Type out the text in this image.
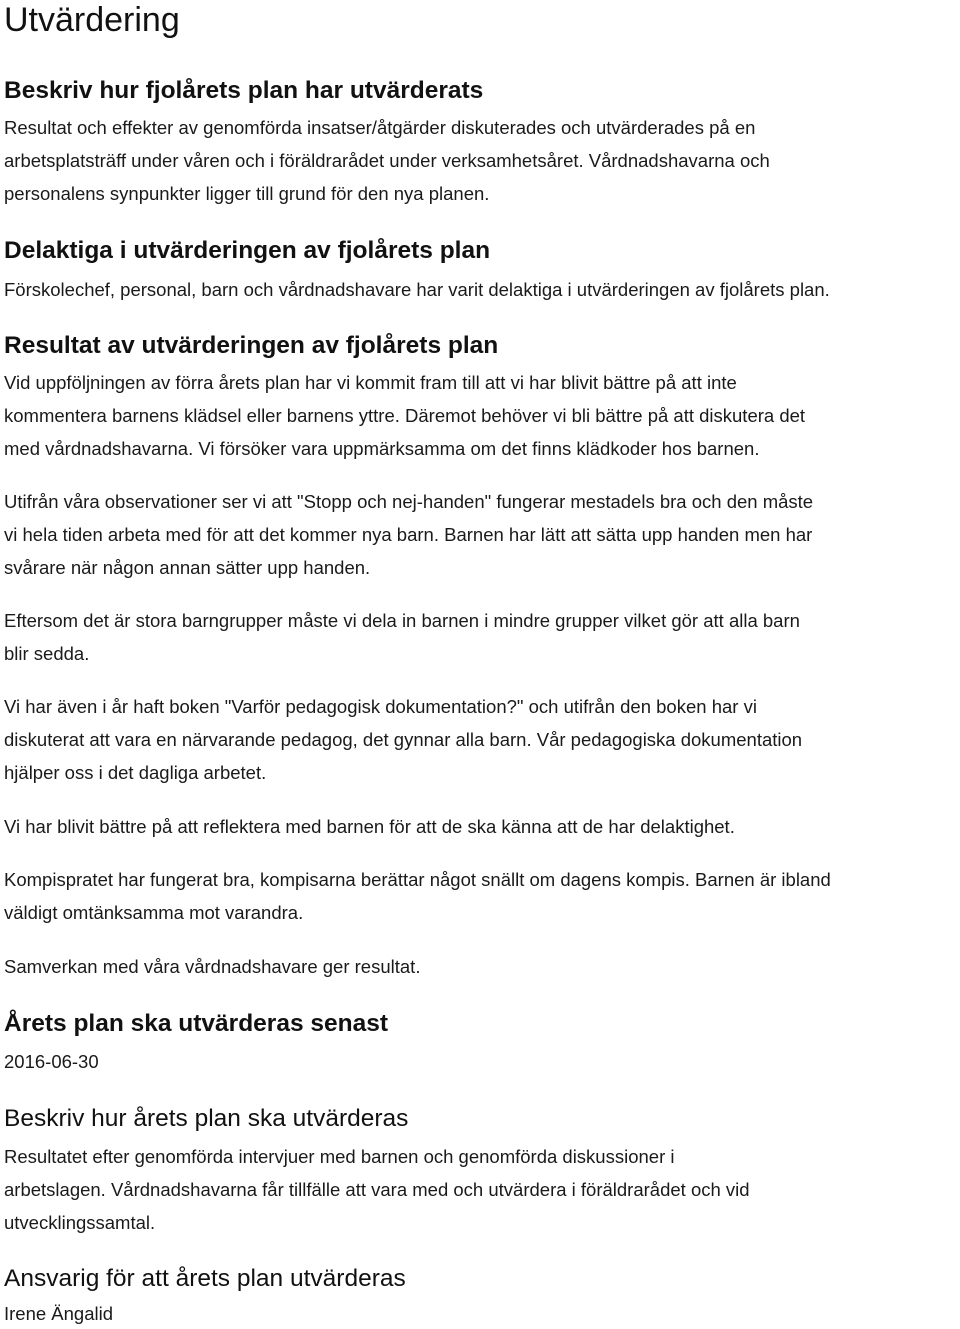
Utvärdering
Beskriv hur fjolårets plan har utvärderats
Resultat och effekter av genomförda insatser/åtgärder diskuterades och utvärderades på en
arbetsplatsträff under våren och i föräldrarådet under verksamhetsåret. Vårdnadshavarna och
personalens synpunkter ligger till grund för den nya planen.
Delaktiga i utvärderingen av fjolårets plan
Förskolechef, personal, barn och vårdnadshavare har varit delaktiga i utvärderingen av fjolårets plan.
Resultat av utvärderingen av fjolårets plan
Vid uppföljningen av förra årets plan har vi kommit fram till att vi har blivit bättre på att inte
kommentera barnens klädsel eller barnens yttre. Däremot behöver vi bli bättre på att diskutera det
med vårdnadshavarna. Vi försöker vara uppmärksamma om det finns klädkoder hos barnen.
Utifrån våra observationer ser vi att "Stopp och nej-handen" fungerar mestadels bra och den måste
vi hela tiden arbeta med för att det kommer nya barn. Barnen har lätt att sätta upp handen men har
svårare när någon annan sätter upp handen.
Eftersom det är stora barngrupper måste vi dela in barnen i mindre grupper vilket gör att alla barn
blir sedda.
Vi har även i år haft boken "Varför pedagogisk dokumentation?" och utifrån den boken har vi
diskuterat att vara en närvarande pedagog, det gynnar alla barn. Vår pedagogiska dokumentation
hjälper oss i det dagliga arbetet.
Vi har blivit bättre på att reflektera med barnen för att de ska känna att de har delaktighet.
Kompispratet har fungerat bra, kompisarna berättar något snällt om dagens kompis. Barnen är ibland
väldigt omtänksamma mot varandra.
Samverkan med våra vårdnadshavare ger resultat.
Årets plan ska utvärderas senast
2016-06-30
Beskriv hur årets plan ska utvärderas
Resultatet efter genomförda intervjuer med barnen och genomförda diskussioner i
arbetslagen. Vårdnadshavarna får tillfälle att vara med och utvärdera i föräldrarådet och vid
utvecklingssamtal.
Ansvarig för att årets plan utvärderas
Irene Ängalid
